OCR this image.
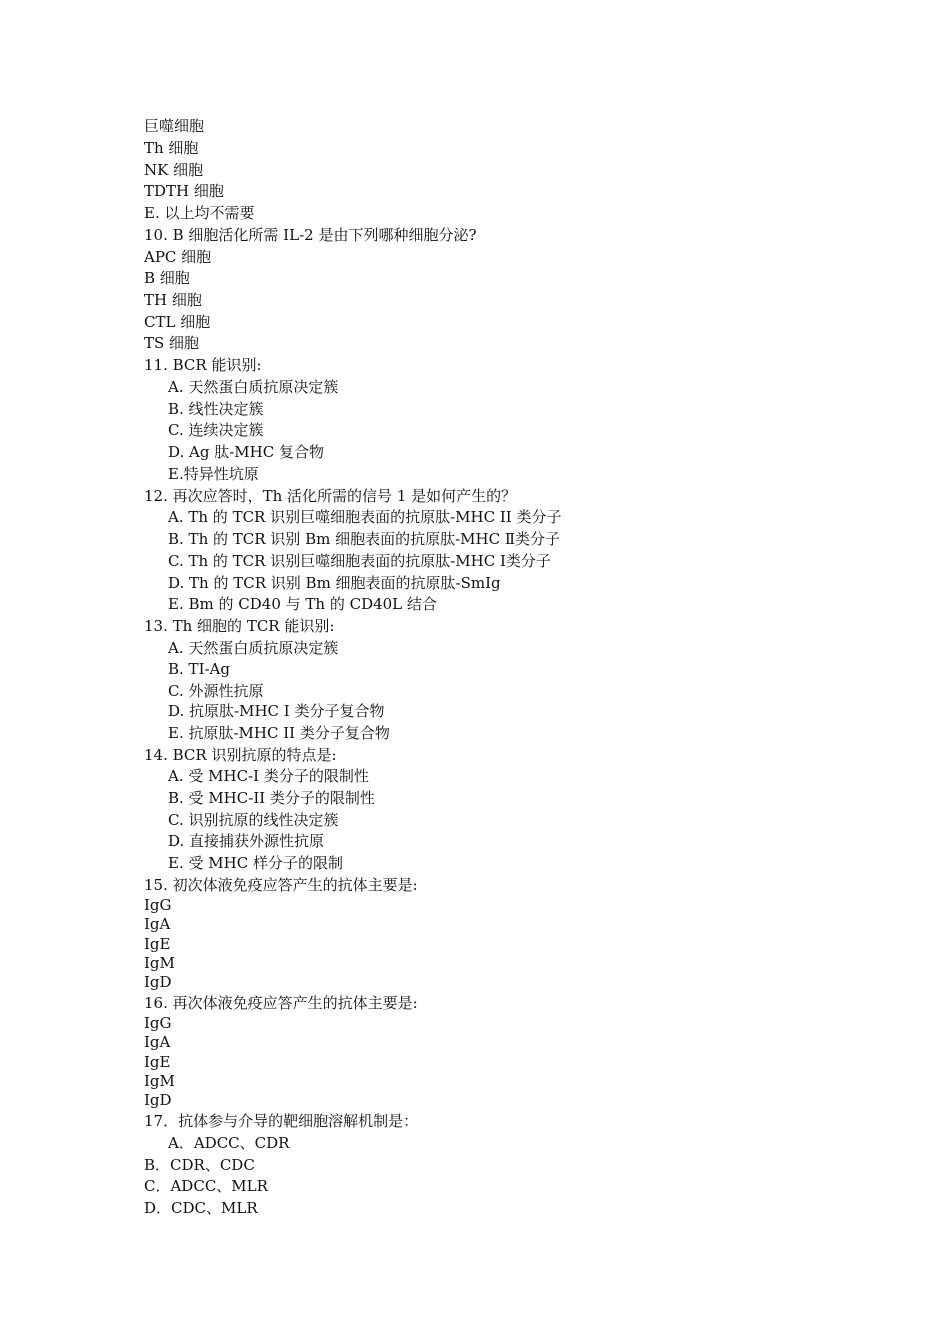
巨噬细胞
Th 细胞
NK 细胞
TDTH 细胞
E. 以上均不需要
10. B 细胞活化所需 IL-2 是由下列哪种细胞分泌?
APC 细胞
B 细胞
TH 细胞
CTL 细胞
TS 细胞
11. BCR 能识别:
A. 天然蛋白质抗原决定簇
B. 线性决定簇
C. 连续决定簇
D. Ag 肽-MHC 复合物
E.特异性坑原
12. 再次应答时，Th 活化所需的信号 1 是如何产生的？
A. Th 的 TCR 识别巨噬细胞表面的抗原肽-MHC II 类分子
B. Th 的 TCR 识别 Bm 细胞表面的抗原肽-MHC Ⅱ类分子
C. Th 的 TCR 识别巨噬细胞表面的抗原肽-MHC Ⅰ类分子
D. Th 的 TCR 识别 Bm 细胞表面的抗原肽-SmIg
E. Bm 的 CD40 与 Th 的 CD40L 结合
13. Th 细胞的 TCR 能识别:
A. 天然蛋白质抗原决定簇
B. TI-Ag
C. 外源性抗原
D. 抗原肽-MHC I 类分子复合物
E. 抗原肽-MHC II 类分子复合物
14. BCR 识别抗原的特点是:
A. 受 MHC-I 类分子的限制性
B. 受 MHC-II 类分子的限制性
C. 识别抗原的线性决定簇
D. 直接捕获外源性抗原
E. 受 MHC 样分子的限制
15. 初次体液免疫应答产生的抗体主要是:
IgG
IgA
IgE
IgM
IgD
16. 再次体液免疫应答产生的抗体主要是:
IgG
IgA
IgE
IgM
IgD
17．抗体参与介导的靶细胞溶解机制是：
A．ADCC、CDR
B．CDR、CDC
C．ADCC、MLR
D．CDC、MLR
